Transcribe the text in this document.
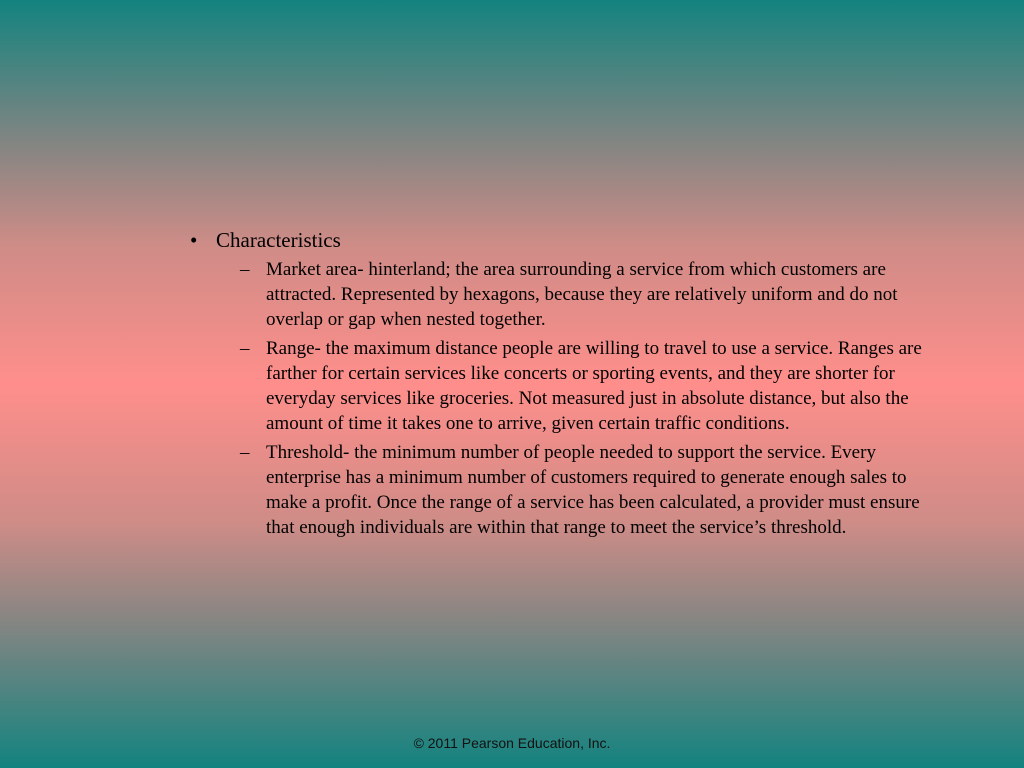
• Characteristics
– Market area- hinterland; the area surrounding a service from which customers are attracted. Represented by hexagons, because they are relatively uniform and do not overlap or gap when nested together.
– Range- the maximum distance people are willing to travel to use a service. Ranges are farther for certain services like concerts or sporting events, and they are shorter for everyday services like groceries. Not measured just in absolute distance, but also the amount of time it takes one to arrive, given certain traffic conditions.
– Threshold- the minimum number of people needed to support the service. Every enterprise has a minimum number of customers required to generate enough sales to make a profit. Once the range of a service has been calculated, a provider must ensure that enough individuals are within that range to meet the service’s threshold.
© 2011 Pearson Education, Inc.
